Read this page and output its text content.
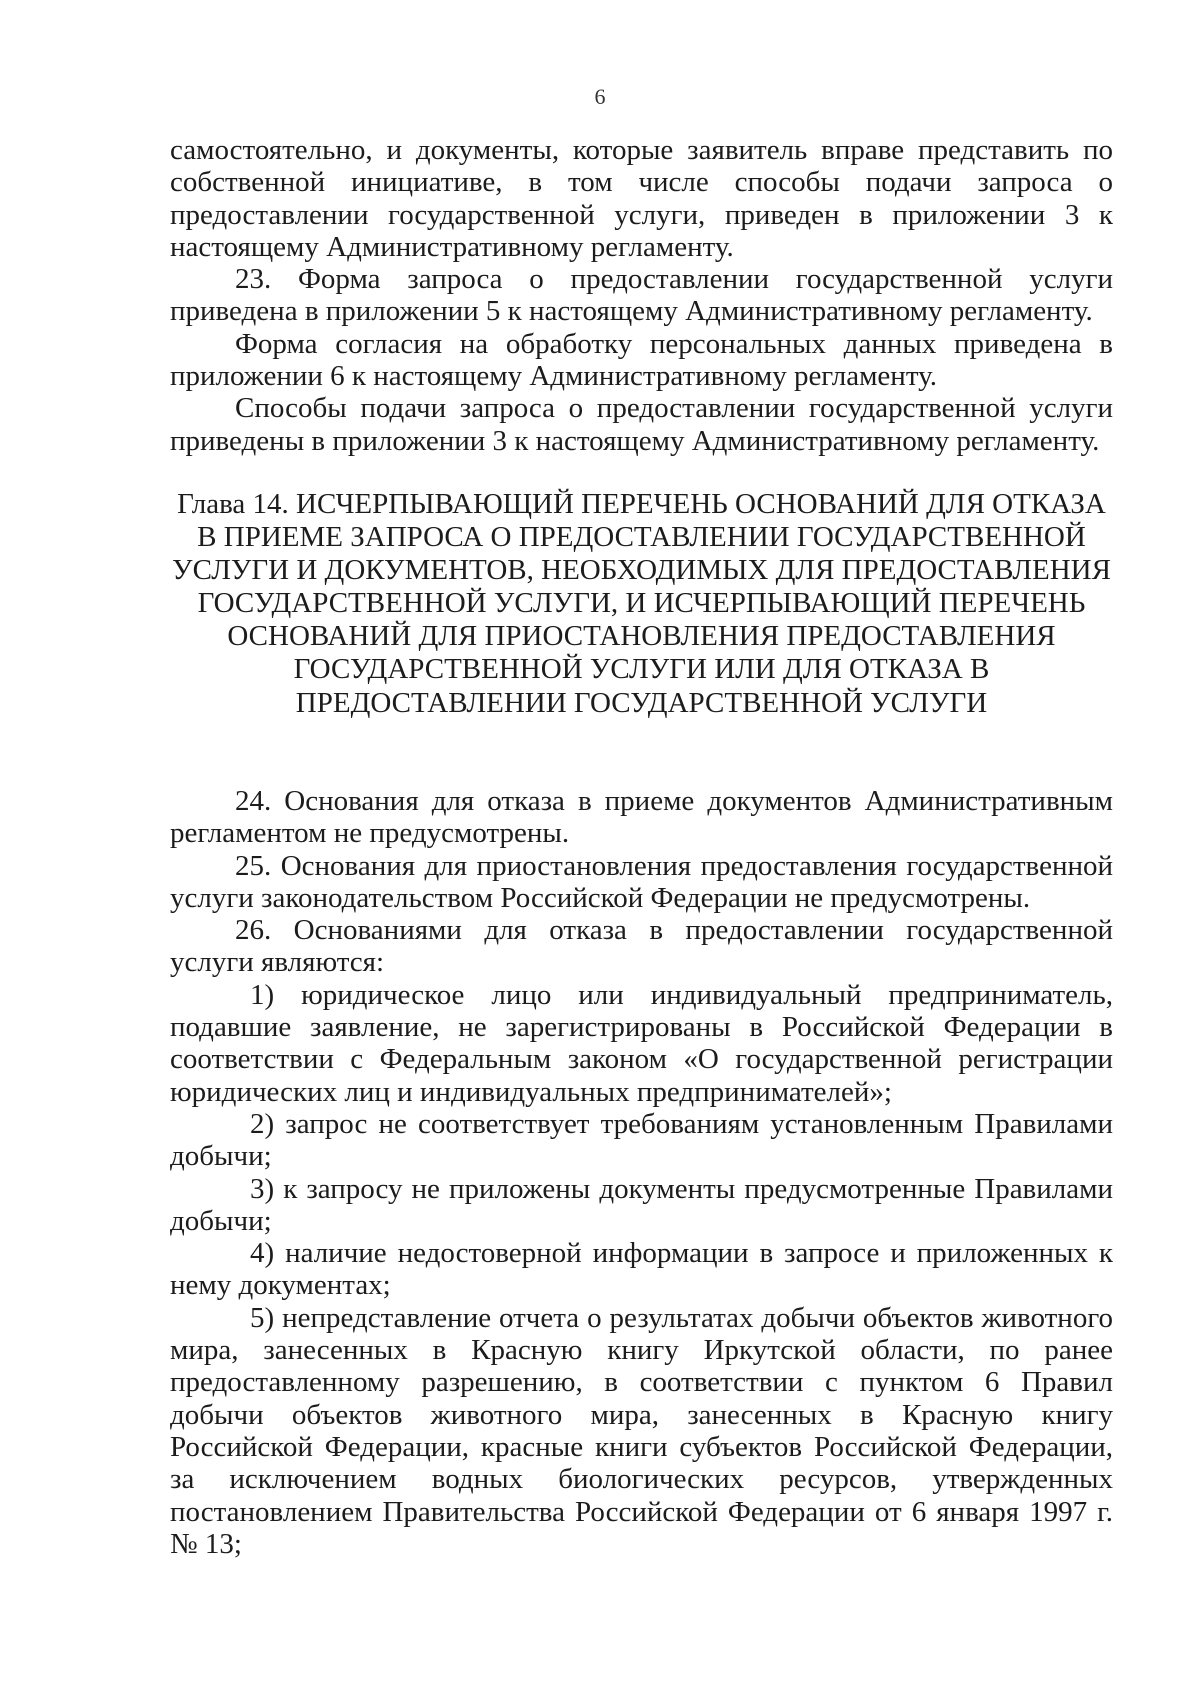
6

самостоятельно, и документы, которые заявитель вправе представить по собственной инициативе, в том числе способы подачи запроса о предоставлении государственной услуги, приведен в приложении 3 к настоящему Административному регламенту.

23. Форма запроса о предоставлении государственной услуги приведена в приложении 5 к настоящему Административному регламенту.

Форма согласия на обработку персональных данных приведена в приложении 6 к настоящему Административному регламенту.

Способы подачи запроса о предоставлении государственной услуги приведены в приложении 3 к настоящему Административному регламенту.

Глава 14. ИСЧЕРПЫВАЮЩИЙ ПЕРЕЧЕНЬ ОСНОВАНИЙ ДЛЯ ОТКАЗА В ПРИЕМЕ ЗАПРОСА О ПРЕДОСТАВЛЕНИИ ГОСУДАРСТВЕННОЙ УСЛУГИ И ДОКУМЕНТОВ, НЕОБХОДИМЫХ ДЛЯ ПРЕДОСТАВЛЕНИЯ ГОСУДАРСТВЕННОЙ УСЛУГИ, И ИСЧЕРПЫВАЮЩИЙ ПЕРЕЧЕНЬ ОСНОВАНИЙ ДЛЯ ПРИОСТАНОВЛЕНИЯ ПРЕДОСТАВЛЕНИЯ ГОСУДАРСТВЕННОЙ УСЛУГИ ИЛИ ДЛЯ ОТКАЗА В ПРЕДОСТАВЛЕНИИ ГОСУДАРСТВЕННОЙ УСЛУГИ

24. Основания для отказа в приеме документов Административным регламентом не предусмотрены.

25. Основания для приостановления предоставления государственной услуги законодательством Российской Федерации не предусмотрены.

26. Основаниями для отказа в предоставлении государственной услуги являются:

1) юридическое лицо или индивидуальный предприниматель, подавшие заявление, не зарегистрированы в Российской Федерации в соответствии с Федеральным законом «О государственной регистрации юридических лиц и индивидуальных предпринимателей»;

2) запрос не соответствует требованиям установленным Правилами добычи;

3) к запросу не приложены документы предусмотренные Правилами добычи;

4) наличие недостоверной информации в запросе и приложенных к нему документах;

5) непредставление отчета о результатах добычи объектов животного мира, занесенных в Красную книгу Иркутской области, по ранее предоставленному разрешению, в соответствии с пунктом 6 Правил добычи объектов животного мира, занесенных в Красную книгу Российской Федерации, красные книги субъектов Российской Федерации, за исключением водных биологических ресурсов, утвержденных постановлением Правительства Российской Федерации от 6 января 1997 г. № 13;
